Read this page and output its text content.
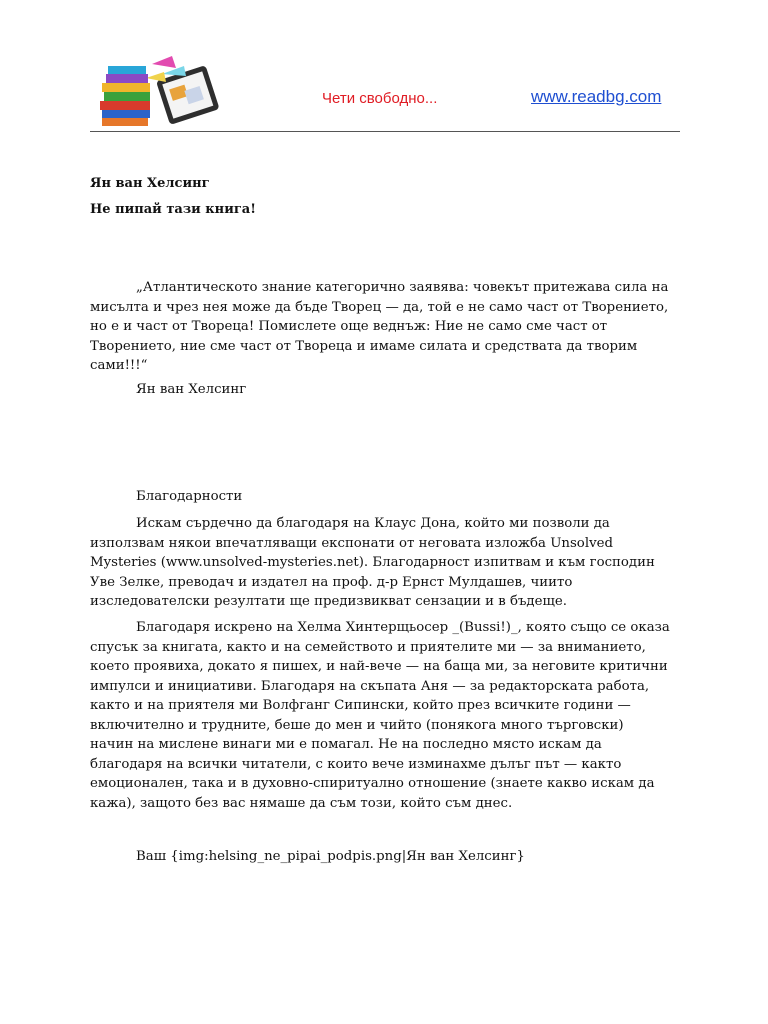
Чети свободно...	www.readbg.com
Ян ван Хелсинг
Не пипай тази книга!

„Атлантическото знание категорично заявява: човекът притежава сила на мисълта и чрез нея може да бъде Творец — да, той е не само част от Творението, но е и част от Твореца! Помислете още веднъж: Ние не само сме част от Творението, ние сме част от Твореца и имаме силата и средствата да творим сами!!!“

Ян ван Хелсинг
Благодарности

Искам сърдечно да благодаря на Клаус Дона, който ми позволи да използвам някои впечатляващи експонати от неговата изложба Unsolved Mysteries (www.unsolved-mysteries.net). Благодарност изпитвам и към господин Уве Зелке, преводач и издател на проф. д-р Ернст Мулдашев, чиито изследователски резултати ще предизвикват сензации и в бъдеще.

Благодаря искрено на Хелма Хинтерщьосер _(Bussi!)_, която също се оказа спусък за книгата, както и на семейството и приятелите ми — за вниманието, което проявиха, докато я пишех, и най-вече — на баща ми, за неговите критични импулси и инициативи. Благодаря на скъпата Аня — за редакторската работа, както и на приятеля ми Волфганг Сипински, който през всичките години — включително и трудните, беше до мен и чийто (понякога много търговски) начин на мислене винаги ми е помагал. Не на последно място искам да благодаря на всички читатели, с които вече изминахме дълъг път — както емоционален, така и в духовно-спиритуално отношение (знаете какво искам да кажа), защото без вас нямаше да съм този, който съм днес.

Ваш {img:helsing_ne_pipai_podpis.png|Ян ван Хелсинг}
